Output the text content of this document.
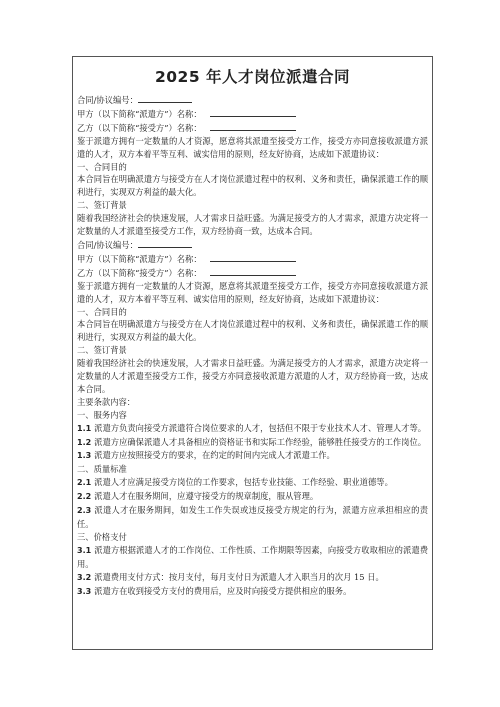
2025 年人才岗位派遣合同
合同/协议编号：
甲方（以下简称“派遣方”）名称：
乙方（以下简称“接受方”）名称：
鉴于派遣方拥有一定数量的人才资源，愿意将其派遣至接受方工作，接受方亦同意接收派遣方派遣的人才，双方本着平等互利、诚实信用的原则，经友好协商，达成如下派遣协议：
一、合同目的
本合同旨在明确派遣方与接受方在人才岗位派遣过程中的权利、义务和责任，确保派遣工作的顺利进行，实现双方利益的最大化。
二、签订背景
随着我国经济社会的快速发展，人才需求日益旺盛。为满足接受方的人才需求，派遣方决定将一定数量的人才派遣至接受方工作，双方经协商一致，达成本合同。
合同/协议编号：
甲方（以下简称“派遣方”）名称：
乙方（以下简称“接受方”）名称：
鉴于派遣方拥有一定数量的人才资源，愿意将其派遣至接受方工作，接受方亦同意接收派遣方派遣的人才，双方本着平等互利、诚实信用的原则，经友好协商，达成如下派遣协议：
一、合同目的
本合同旨在明确派遣方与接受方在人才岗位派遣过程中的权利、义务和责任，确保派遣工作的顺利进行，实现双方利益的最大化。
二、签订背景
随着我国经济社会的快速发展，人才需求日益旺盛。为满足接受方的人才需求，派遣方决定将一定数量的人才派遣至接受方工作，接受方亦同意接收派遣方派遣的人才，双方经协商一致，达成本合同。
主要条款内容：
一、服务内容
1.1 派遣方负责向接受方派遣符合岗位要求的人才，包括但不限于专业技术人才、管理人才等。
1.2 派遣方应确保派遣人才具备相应的资格证书和实际工作经验，能够胜任接受方的工作岗位。
1.3 派遣方应按照接受方的要求，在约定的时间内完成人才派遣工作。
二、质量标准
2.1 派遣人才应满足接受方岗位的工作要求，包括专业技能、工作经验、职业道德等。
2.2 派遣人才在服务期间，应遵守接受方的规章制度，服从管理。
2.3 派遣人才在服务期间，如发生工作失误或违反接受方规定的行为，派遣方应承担相应的责任。
三、价格支付
3.1 派遣方根据派遣人才的工作岗位、工作性质、工作期限等因素，向接受方收取相应的派遣费用。
3.2 派遣费用支付方式：按月支付，每月支付日为派遣人才入职当月的次月 15 日。
3.3 派遣方在收到接受方支付的费用后，应及时向接受方提供相应的服务。
